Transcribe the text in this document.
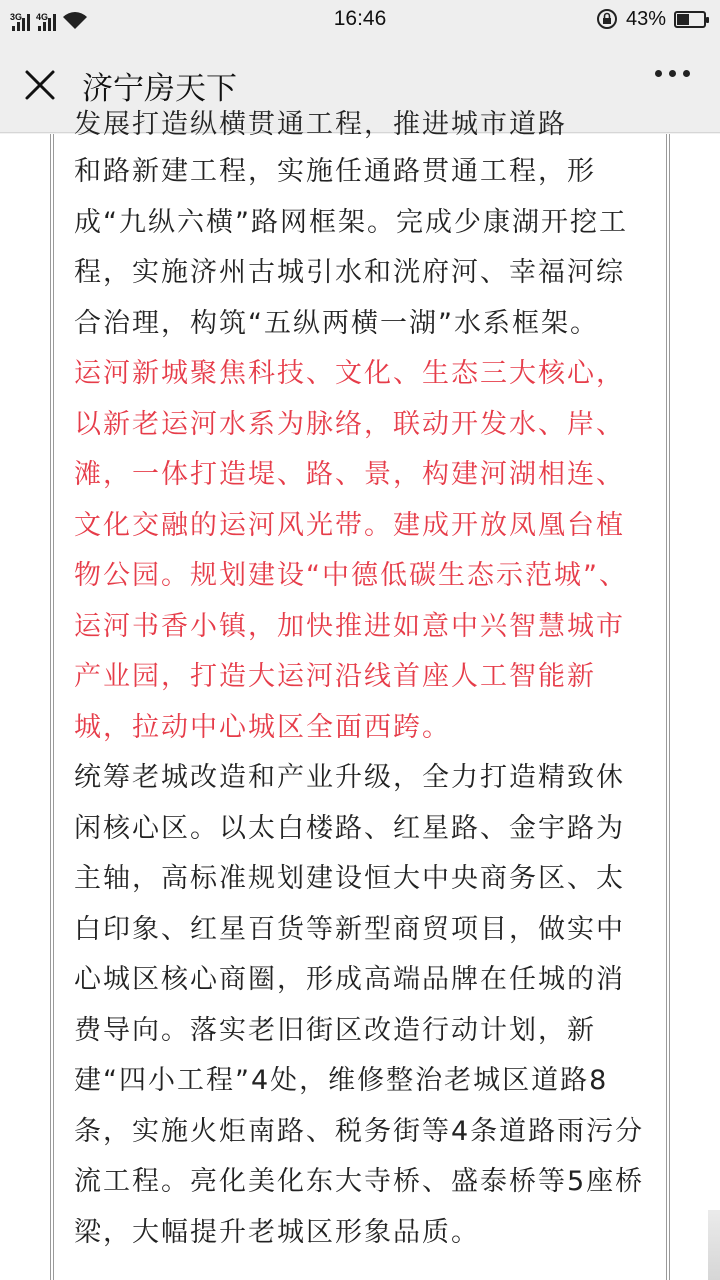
3G 4G	16:46	43%
济宁房天下
发展打造纵横贯通工程，推进城市道路
和路新建工程，实施任通路贯通工程，形
成“九纵六横”路网框架。完成少康湖开挖工
程，实施济州古城引水和洸府河、幸福河综
合治理，构筑“五纵两横一湖”水系框架。
运河新城聚焦科技、文化、生态三大核心，
以新老运河水系为脉络，联动开发水、岸、
滩，一体打造堤、路、景，构建河湖相连、
文化交融的运河风光带。建成开放凤凰台植
物公园。规划建设“中德低碳生态示范城”、
运河书香小镇，加快推进如意中兴智慧城市
产业园，打造大运河沿线首座人工智能新
城，拉动中心城区全面西跨。
统筹老城改造和产业升级，全力打造精致休
闲核心区。以太白楼路、红星路、金宇路为
主轴，高标准规划建设恒大中央商务区、太
白印象、红星百货等新型商贸项目，做实中
心城区核心商圈，形成高端品牌在任城的消
费导向。落实老旧街区改造行动计划，新
建“四小工程”4处，维修整治老城区道路8
条，实施火炬南路、税务街等4条道路雨污分
流工程。亮化美化东大寺桥、盛泰桥等5座桥
梁，大幅提升老城区形象品质。
